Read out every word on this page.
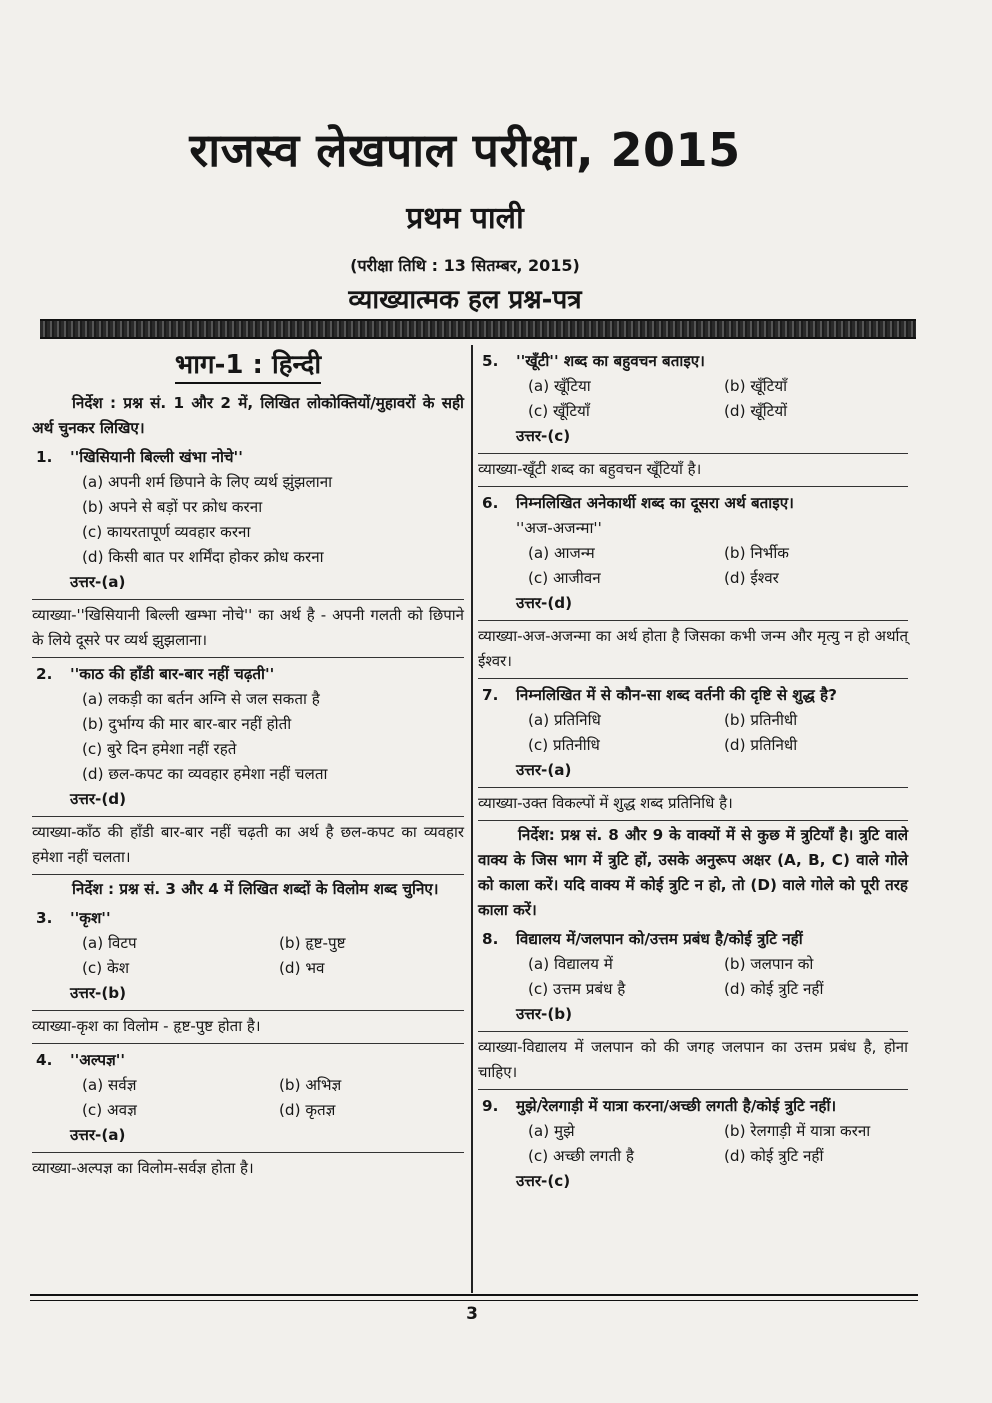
राजस्व लेखपाल परीक्षा, 2015
प्रथम पाली
(परीक्षा तिथि : 13 सितम्बर, 2015)
व्याख्यात्मक हल प्रश्न-पत्र
भाग-1 : हिन्दी
निर्देश : प्रश्न सं. 1 और 2 में, लिखित लोकोक्तियों/मुहावरों के सही अर्थ चुनकर लिखिए।
1. ''खिसियानी बिल्ली खंभा नोचे''
(a) अपनी शर्म छिपाने के लिए व्यर्थ झुंझलाना
(b) अपने से बड़ों पर क्रोध करना
(c) कायरतापूर्ण व्यवहार करना
(d) किसी बात पर शर्मिंदा होकर क्रोध करना
उत्तर-(a)
व्याख्या-''खिसियानी बिल्ली खम्भा नोचे'' का अर्थ है - अपनी गलती को छिपाने के लिये दूसरे पर व्यर्थ झुझलाना।
2. ''काठ की हाँडी बार-बार नहीं चढ़ती''
(a) लकड़ी का बर्तन अग्नि से जल सकता है
(b) दुर्भाग्य की मार बार-बार नहीं होती
(c) बुरे दिन हमेशा नहीं रहते
(d) छल-कपट का व्यवहार हमेशा नहीं चलता
उत्तर-(d)
व्याख्या-काँठ की हाँडी बार-बार नहीं चढ़ती का अर्थ है छल-कपट का व्यवहार हमेशा नहीं चलता।
निर्देश : प्रश्न सं. 3 और 4 में लिखित शब्दों के विलोम शब्द चुनिए।
3. ''कृश''
(a) विटप	(b) हृष्ट-पुष्ट
(c) केश	(d) भव
उत्तर-(b)
व्याख्या-कृश का विलोम - हृष्ट-पुष्ट होता है।
4. ''अल्पज्ञ''
(a) सर्वज्ञ	(b) अभिज्ञ
(c) अवज्ञ	(d) कृतज्ञ
उत्तर-(a)
व्याख्या-अल्पज्ञ का विलोम-सर्वज्ञ होता है।
5. ''खूँटी'' शब्द का बहुवचन बताइए।
(a) खूँटिया	(b) खूँटियाँ
(c) खूँटियाँ	(d) खूँटियों
उत्तर-(c)
व्याख्या-खूँटी शब्द का बहुवचन खूँटियाँ है।
6. निम्नलिखित अनेकार्थी शब्द का दूसरा अर्थ बताइए।
''अज-अजन्मा''
(a) आजन्म	(b) निर्भीक
(c) आजीवन	(d) ईश्वर
उत्तर-(d)
व्याख्या-अज-अजन्मा का अर्थ होता है जिसका कभी जन्म और मृत्यु न हो अर्थात् ईश्वर।
7. निम्नलिखित में से कौन-सा शब्द वर्तनी की दृष्टि से शुद्ध है?
(a) प्रतिनिधि	(b) प्रतिनीधी
(c) प्रतिनीधि	(d) प्रतिनिधी
उत्तर-(a)
व्याख्या-उक्त विकल्पों में शुद्ध शब्द प्रतिनिधि है।
निर्देश: प्रश्न सं. 8 और 9 के वाक्यों में से कुछ में त्रुटियाँ है। त्रुटि वाले वाक्य के जिस भाग में त्रुटि हों, उसके अनुरूप अक्षर (A, B, C) वाले गोले को काला करें। यदि वाक्य में कोई त्रुटि न हो, तो (D) वाले गोले को पूरी तरह काला करें।
8. विद्यालय में/जलपान को/उत्तम प्रबंध है/कोई त्रुटि नहीं
(a) विद्यालय में	(b) जलपान को
(c) उत्तम प्रबंध है	(d) कोई त्रुटि नहीं
उत्तर-(b)
व्याख्या-विद्यालय में जलपान को की जगह जलपान का उत्तम प्रबंध है, होना चाहिए।
9. मुझे/रेलगाड़ी में यात्रा करना/अच्छी लगती है/कोई त्रुटि नहीं।
(a) मुझे	(b) रेलगाड़ी में यात्रा करना
(c) अच्छी लगती है	(d) कोई त्रुटि नहीं
उत्तर-(c)
3
